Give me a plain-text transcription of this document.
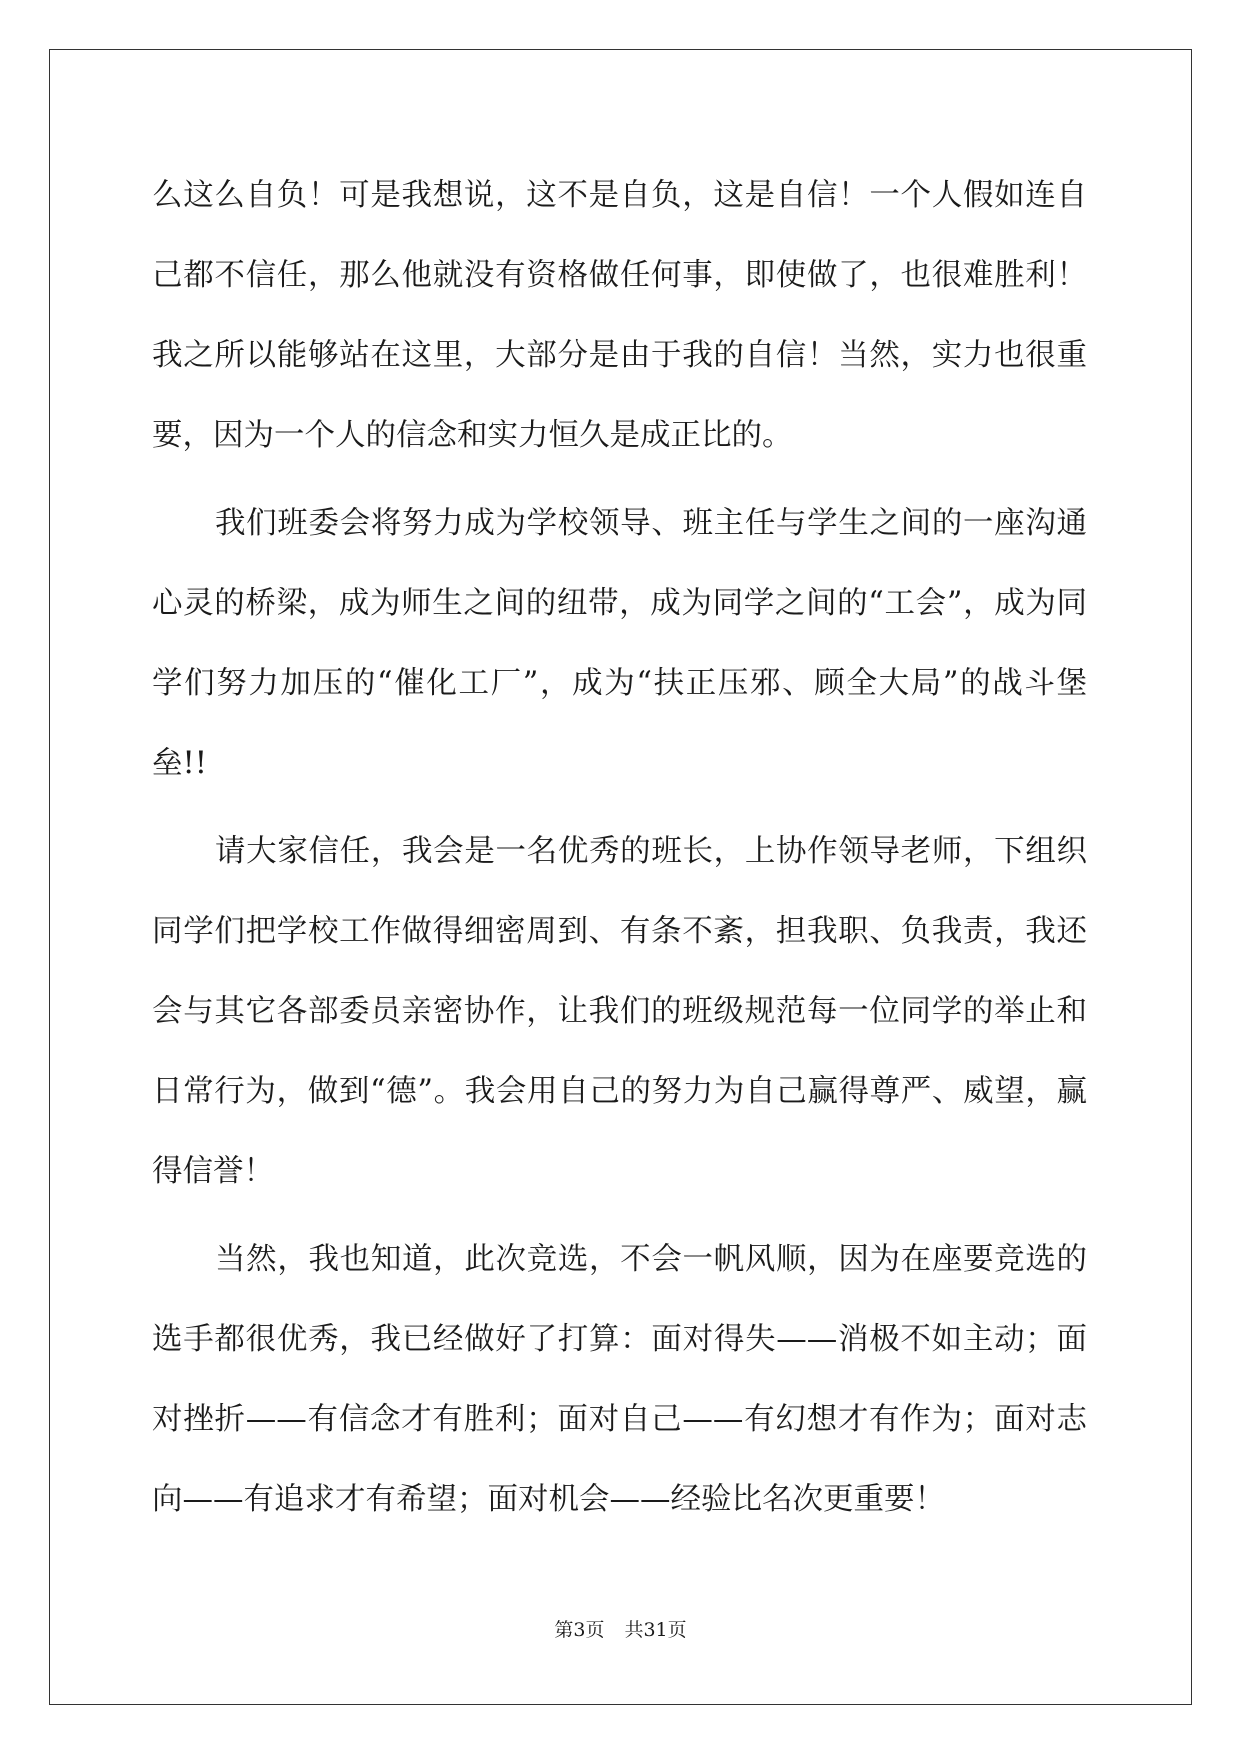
么这么自负！可是我想说，这不是自负，这是自信！一个人假如连自
己都不信任，那么他就没有资格做任何事，即使做了，也很难胜利！
我之所以能够站在这里，大部分是由于我的自信！当然，实力也很重
要，因为一个人的信念和实力恒久是成正比的。
我们班委会将努力成为学校领导、班主任与学生之间的一座沟通
心灵的桥梁，成为师生之间的纽带，成为同学之间的“工会”，成为同
学们努力加压的“催化工厂”，成为“扶正压邪、顾全大局”的战斗堡
垒!!
请大家信任，我会是一名优秀的班长，上协作领导老师，下组织
同学们把学校工作做得细密周到、有条不紊，担我职、负我责，我还
会与其它各部委员亲密协作，让我们的班级规范每一位同学的举止和
日常行为，做到“德”。我会用自己的努力为自己赢得尊严、威望，赢
得信誉！
当然，我也知道，此次竞选，不会一帆风顺，因为在座要竞选的
选手都很优秀，我已经做好了打算：面对得失——消极不如主动；面
对挫折——有信念才有胜利；面对自己——有幻想才有作为；面对志
向——有追求才有希望；面对机会——经验比名次更重要！
第3页 共31页
